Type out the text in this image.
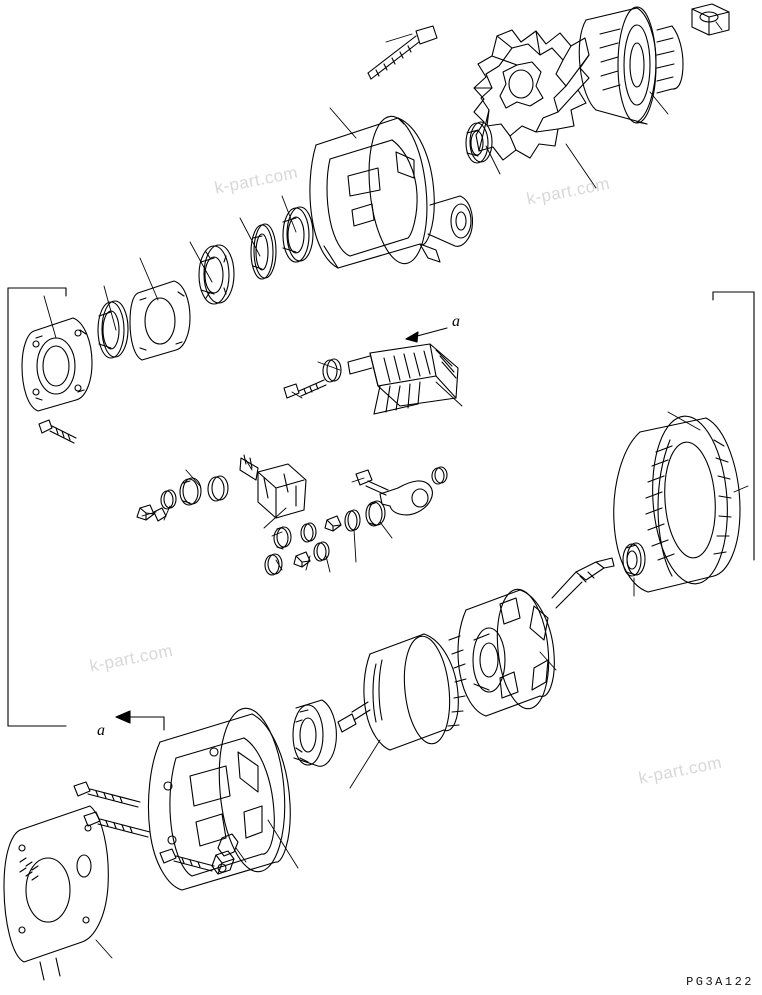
k-part.com	k-part.com
k-part.com
k-part.com
a
a
PG3A122
